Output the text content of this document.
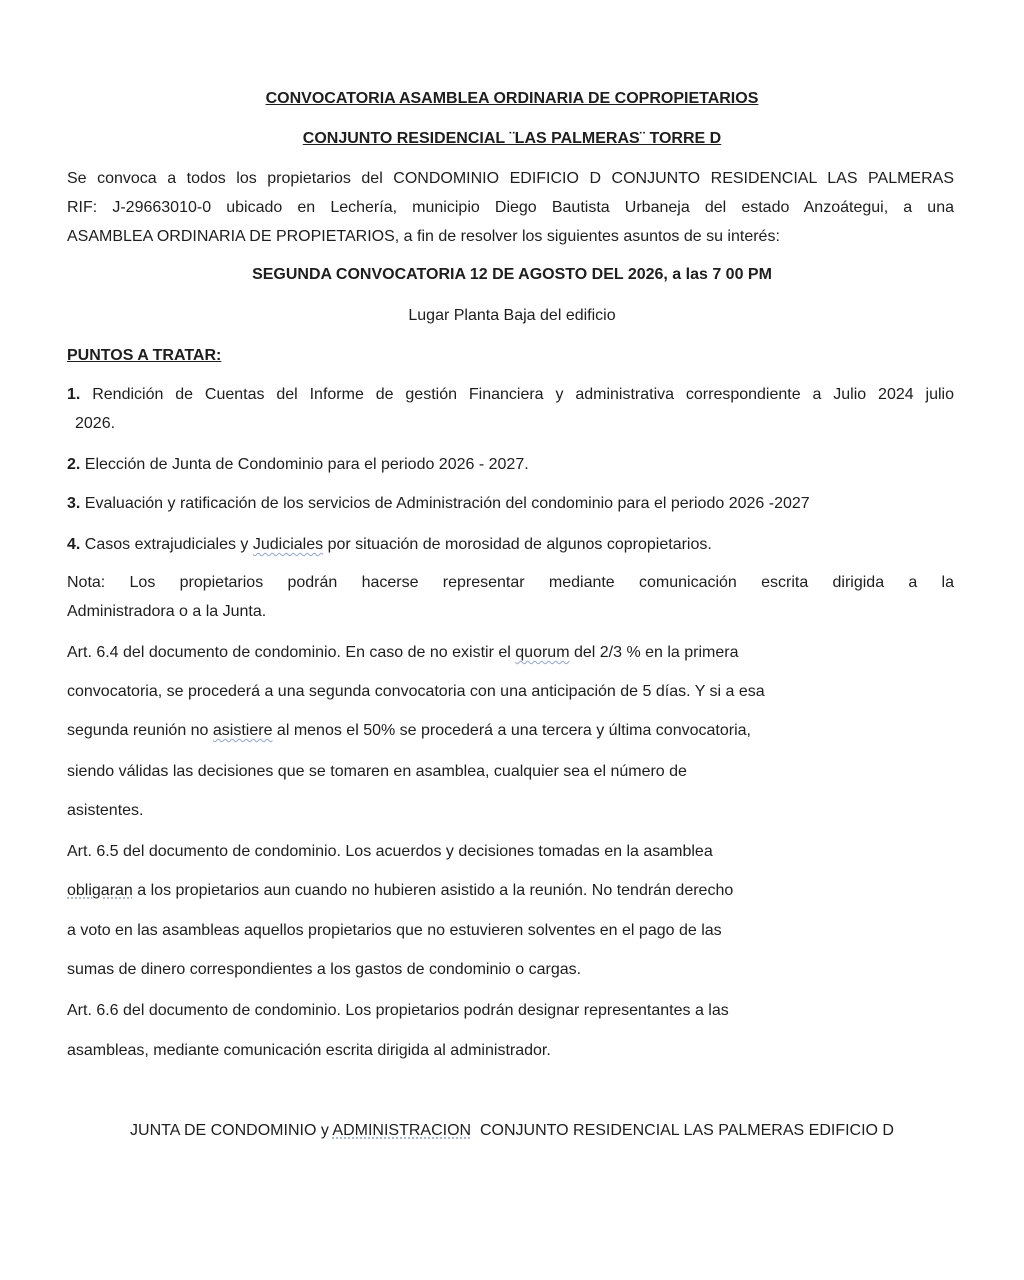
CONVOCATORIA ASAMBLEA ORDINARIA DE COPROPIETARIOS
CONJUNTO RESIDENCIAL ¨LAS PALMERAS¨ TORRE D
Se convoca a todos los propietarios del CONDOMINIO EDIFICIO D CONJUNTO RESIDENCIAL LAS PALMERAS
RIF: J-29663010-0 ubicado en Lechería, municipio Diego Bautista Urbaneja del estado Anzoátegui, a una
ASAMBLEA ORDINARIA DE PROPIETARIOS, a fin de resolver los siguientes asuntos de su interés:
SEGUNDA CONVOCATORIA 12 DE AGOSTO DEL 2026, a las 7 00 PM
Lugar Planta Baja del edificio
PUNTOS A TRATAR:
1. Rendición de Cuentas del Informe de gestión Financiera y administrativa correspondiente a Julio 2024 julio
2026.
2. Elección de Junta de Condominio para el periodo 2026 - 2027.
3. Evaluación y ratificación de los servicios de Administración del condominio para el periodo 2026 -2027
4. Casos extrajudiciales y Judiciales por situación de morosidad de algunos copropietarios.
Nota: Los propietarios podrán hacerse representar mediante comunicación escrita dirigida a la
Administradora o a la Junta.
Art. 6.4 del documento de condominio. En caso de no existir el quorum del 2/3 % en la primera
convocatoria, se procederá a una segunda convocatoria con una anticipación de 5 días. Y si a esa
segunda reunión no asistiere al menos el 50% se procederá a una tercera y última convocatoria,
siendo válidas las decisiones que se tomaren en asamblea, cualquier sea el número de
asistentes.
Art. 6.5 del documento de condominio. Los acuerdos y decisiones tomadas en la asamblea
obligaran a los propietarios aun cuando no hubieren asistido a la reunión. No tendrán derecho
a voto en las asambleas aquellos propietarios que no estuvieren solventes en el pago de las
sumas de dinero correspondientes a los gastos de condominio o cargas.
Art. 6.6 del documento de condominio. Los propietarios podrán designar representantes a las
asambleas, mediante comunicación escrita dirigida al administrador.
JUNTA DE CONDOMINIO y ADMINISTRACION  CONJUNTO RESIDENCIAL LAS PALMERAS EDIFICIO D
